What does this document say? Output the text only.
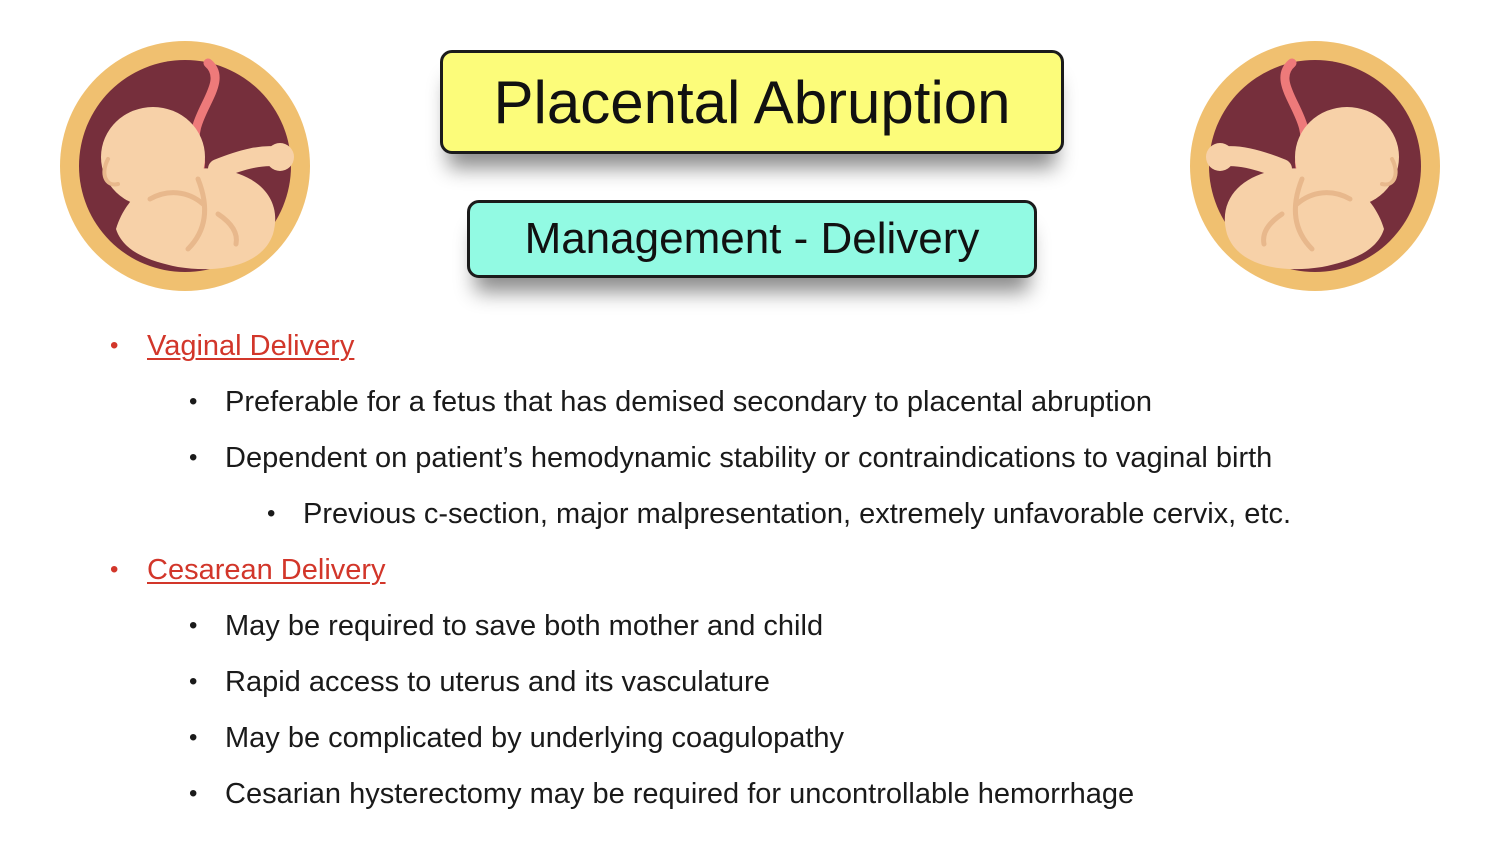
Placental Abruption
Management - Delivery
• Vaginal Delivery
• Preferable for a fetus that has demised secondary to placental abruption
• Dependent on patient’s hemodynamic stability or contraindications to vaginal birth
• Previous c-section, major malpresentation, extremely unfavorable cervix, etc.
• Cesarean Delivery
• May be required to save both mother and child
• Rapid access to uterus and its vasculature
• May be complicated by underlying coagulopathy
• Cesarian hysterectomy may be required for uncontrollable hemorrhage
